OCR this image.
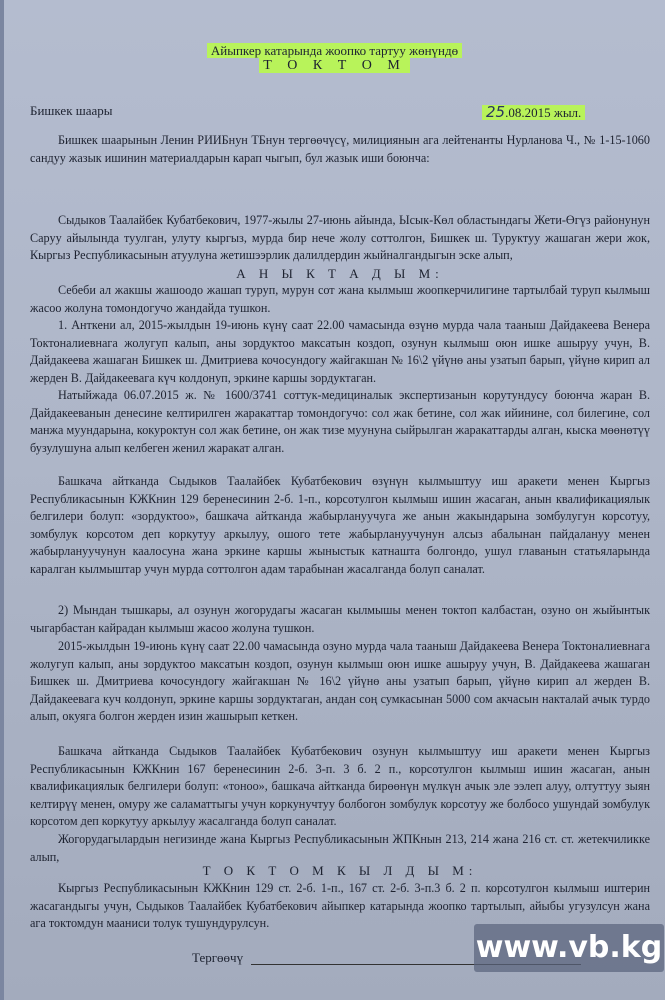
Айыпкер катарында жоопко тартуу жөнүндө
Т О К Т О М
Бишкек шаары	25.08.2015 жыл.
Бишкек шаарынын Ленин РИИБнун ТБнун тергөөчүсү, милициянын ага лейтенанты Нурланова Ч., № 1-15-1060 сандуу жазык ишинин материалдарын карап чыгып, бул жазык иши боюнча:
Сыдыков Таалайбек Кубатбекович, 1977-жылы 27-июнь айында, Ысык-Көл областындагы Жети-Өгүз районунун Саруу айылында туулган, улуту кыргыз, мурда бир нече жолу соттолгон, Бишкек ш. Туруктуу жашаган жери жок, Кыргыз Республикасынын атуулуна жетишээрлик далилдердин жыйналгандыгын эске алып,
А Н Ы К Т А Д Ы М:
Себеби ал жакшы жашоодо жашап туруп, мурун сот жана кылмыш жоопкерчилигине тартылбай туруп кылмыш жасоо жолуна томондогучо жандайда тушкон.
1. Анткени ал, 2015-жылдын 19-июнь күнү саат 22.00 чамасында өзүнө мурда чала тааныш Дайдакеева Венера Токтоналиевнага жолугуп калып, аны зордуктоо максатын коздоп, озунун кылмыш оюн ишке ашыруу учун, В. Дайдакеева жашаган Бишкек ш. Дмитриева кочосундогу жайгакшан № 16\2 үйүнө аны узатып барып, үйүнө кирип ал жерден В. Дайдакеевага күч колдонуп, эркине каршы зордуктаган.
Натыйжада 06.07.2015 ж. № 1600/3741 соттук-медициналык экспертизанын корутундусу боюнча жаран В. Дайдакееванын денесине келтирилген жаракаттар томондогучо: сол жак бетине, сол жак ийинине, сол билегине, сол манжа муундарына, кокуроктун сол жак бетине, он жак тизе муунуна сыйрылган жаракаттарды алган, кыска мөөнөтүү бузулушуна алып келбеген женил жаракат алган.
Башкача айтканда Сыдыков Таалайбек Кубатбекович өзүнүн кылмыштуу иш аракети менен Кыргыз Республикасынын КЖКнин 129 беренесинин 2-б. 1-п., корсотулгон кылмыш ишин жасаган, анын квалификациялык белгилери болуп: «зордуктоо», башкача айтканда жабырлануучуга же анын жакындарына зомбулугун корсотуу, зомбулук корсотом деп коркутуу аркылуу, ошого тете жабырлануучунун алсыз абалынан пайдалануу менен жабырлануучунун каалосуна жана эркине каршы жыныстык катнашта болгондо, ушул главанын статьяларында каралган кылмыштар учун мурда соттолгон адам тарабынан жасалганда болуп саналат.
2) Мындан тышкары, ал озунун жогорудагы жасаган кылмышы менен токтоп калбастан, озуно он жыйынтык чыгарбастан кайрадан кылмыш жасоо жолуна тушкон.
2015-жылдын 19-июнь күнү саат 22.00 чамасында озуно мурда чала тааныш Дайдакеева Венера Токтоналиевнага жолугуп калып, аны зордуктоо максатын коздоп, озунун кылмыш оюн ишке ашыруу учун, В. Дайдакеева жашаган Бишкек ш. Дмитриева кочосундогу жайгакшан № 16\2 үйүнө аны узатып барып, үйүнө кирип ал жерден В. Дайдакеевага куч колдонуп, эркине каршы зордуктаган, андан соң сумкасынан 5000 сом акчасын накталай ачык турдо алып, окуяга болгон жерден изин жашырып кеткен.
Башкача айтканда Сыдыков Таалайбек Кубатбекович озунун кылмыштуу иш аракети менен Кыргыз Республикасынын КЖКнин 167 беренесинин 2-б. 3-п. 3 б. 2 п., корсотулгон кылмыш ишин жасаган, анын квалификациялык белгилери болуп: «тоноо», башкача айтканда бирөөнүн мүлкүн ачык эле ээлеп алуу, олтуттуу зыян келтирүү менен, омуру же саламаттыгы учун коркунучтуу болбогон зомбулук корсотуу же болбосо ушундай зомбулук корсотом деп коркутуу аркылуу жасалганда болуп саналат.
Жогорудагылардын негизинде жана Кыргыз Республикасынын ЖПКнын 213, 214 жана 216 ст. ст. жетекчиликке алып,
Т О К Т О М К Ы Л Д Ы М:
Кыргыз Республикасынын КЖКнин 129 ст. 2-б. 1-п., 167 ст. 2-б. 3-п.3 б. 2 п. корсотулгон кылмыш иштерин жасагандыгы учун, Сыдыков Таалайбек Кубатбекович айыпкер катарында жоопко тартылып, айыбы угузулсун жана ага токтомдун мааниси толук тушундурулсун.
Тергөөчү	www.vb.kg
